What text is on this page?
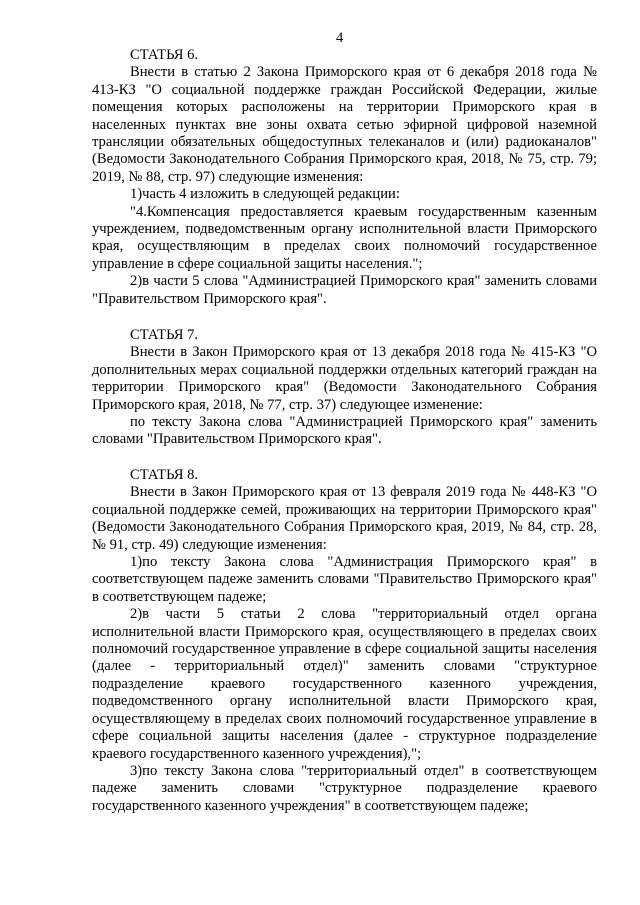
4

СТАТЬЯ 6.

Внести в статью 2 Закона Приморского края от 6 декабря 2018 года № 413-КЗ "О социальной поддержке граждан Российской Федерации, жилые помещения которых расположены на территории Приморского края в населенных пунктах вне зоны охвата сетью эфирной цифровой наземной трансляции обязательных общедоступных телеканалов и (или) радиоканалов" (Ведомости Законодательного Собрания Приморского края, 2018, № 75, стр. 79; 2019, № 88, стр. 97) следующие изменения:

1)часть 4 изложить в следующей редакции:

"4.Компенсация предоставляется краевым государственным казенным учреждением, подведомственным органу исполнительной власти Приморского края, осуществляющим в пределах своих полномочий государственное управление в сфере социальной защиты населения.";

2)в части 5 слова "Администрацией Приморского края" заменить словами "Правительством Приморского края".

СТАТЬЯ 7.

Внести в Закон Приморского края от 13 декабря 2018 года № 415-КЗ "О дополнительных мерах социальной поддержки отдельных категорий граждан на территории Приморского края" (Ведомости Законодательного Собрания Приморского края, 2018, № 77, стр. 37) следующее изменение:

по тексту Закона слова "Администрацией Приморского края" заменить словами "Правительством Приморского края".

СТАТЬЯ 8.

Внести в Закон Приморского края от 13 февраля 2019 года № 448-КЗ "О социальной поддержке семей, проживающих на территории Приморского края" (Ведомости Законодательного Собрания Приморского края, 2019, № 84, стр. 28, № 91, стр. 49) следующие изменения:

1)по тексту Закона слова "Администрация Приморского края" в соответствующем падеже заменить словами "Правительство Приморского края" в соответствующем падеже;

2)в части 5 статьи 2 слова "территориальный отдел органа исполнительной власти Приморского края, осуществляющего в пределах своих полномочий государственное управление в сфере социальной защиты населения (далее - территориальный отдел)" заменить словами "структурное подразделение краевого государственного казенного учреждения, подведомственного органу исполнительной власти Приморского края, осуществляющему в пределах своих полномочий государственное управление в сфере социальной защиты населения (далее - структурное подразделение краевого государственного казенного учреждения),";

3)по тексту Закона слова "территориальный отдел" в соответствующем падеже заменить словами "структурное подразделение краевого государственного казенного учреждения" в соответствующем падеже;
